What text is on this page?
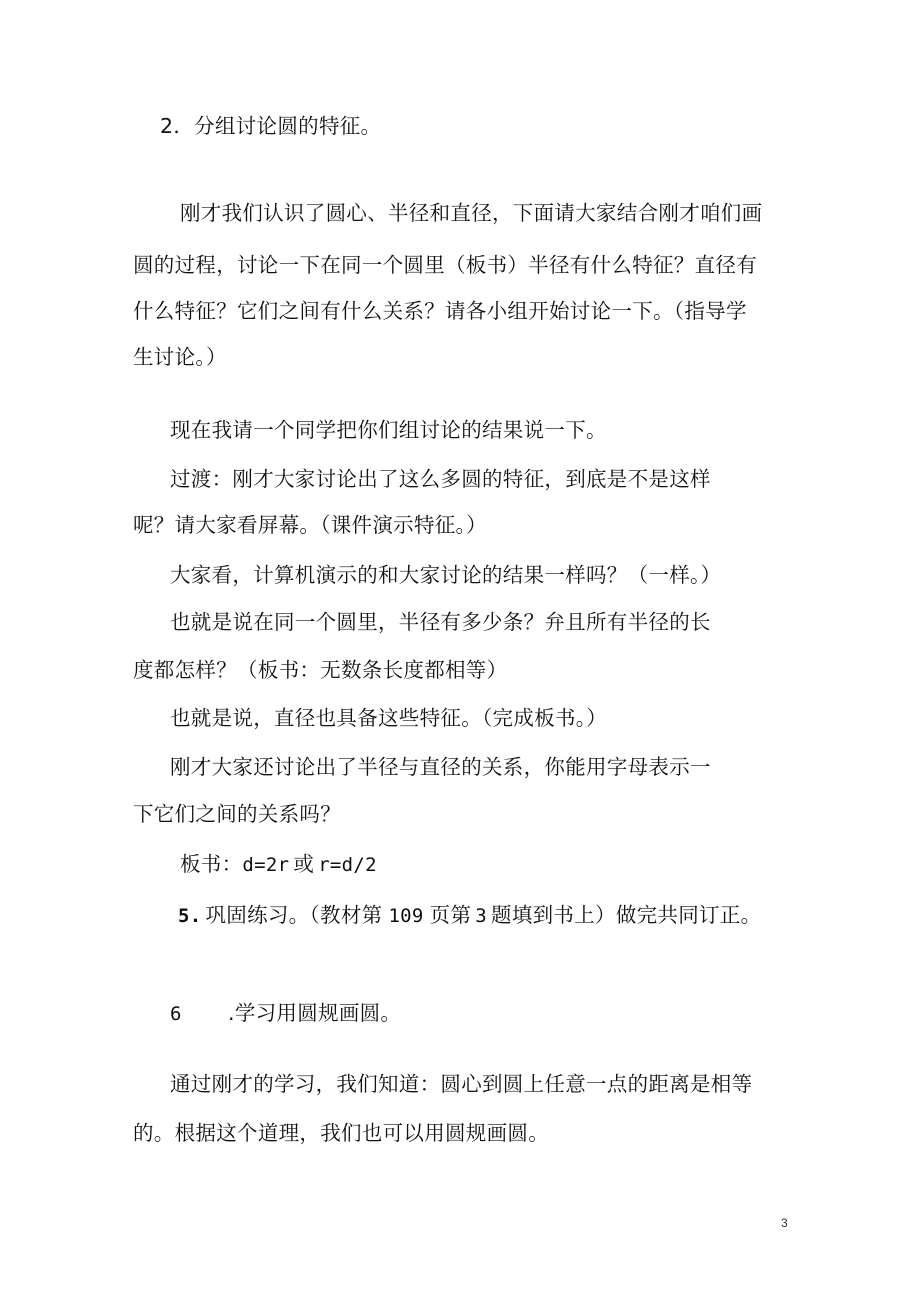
2．分组讨论圆的特征。
刚才我们认识了圆心、半径和直径，下面请大家结合刚才咱们画
圆的过程，讨论一下在同一个圆里（板书）半径有什么特征？直径有
什么特征？它们之间有什么关系？请各小组开始讨论一下。（指导学
生讨论。）
现在我请一个同学把你们组讨论的结果说一下。
过渡：刚才大家讨论出了这么多圆的特征，到底是不是这样
呢？请大家看屏幕。（课件演示特征。）
大家看，计算机演示的和大家讨论的结果一样吗？（一样。）
也就是说在同一个圆里，半径有多少条？弁且所有半径的长
度都怎样？（板书：无数条长度都相等）
也就是说，直径也具备这些特征。（完成板书。）
刚才大家还讨论出了半径与直径的关系，你能用字母表示一
下它们之间的关系吗？
板书：d=2r 或 r=d/2
5. 巩固练习。（教材第 109 页第 3 题填到书上）做完共同订正。
6 .学习用圆规画圆。
通过刚才的学习，我们知道：圆心到圆上任意一点的距离是相等
的。根据这个道理，我们也可以用圆规画圆。
3
